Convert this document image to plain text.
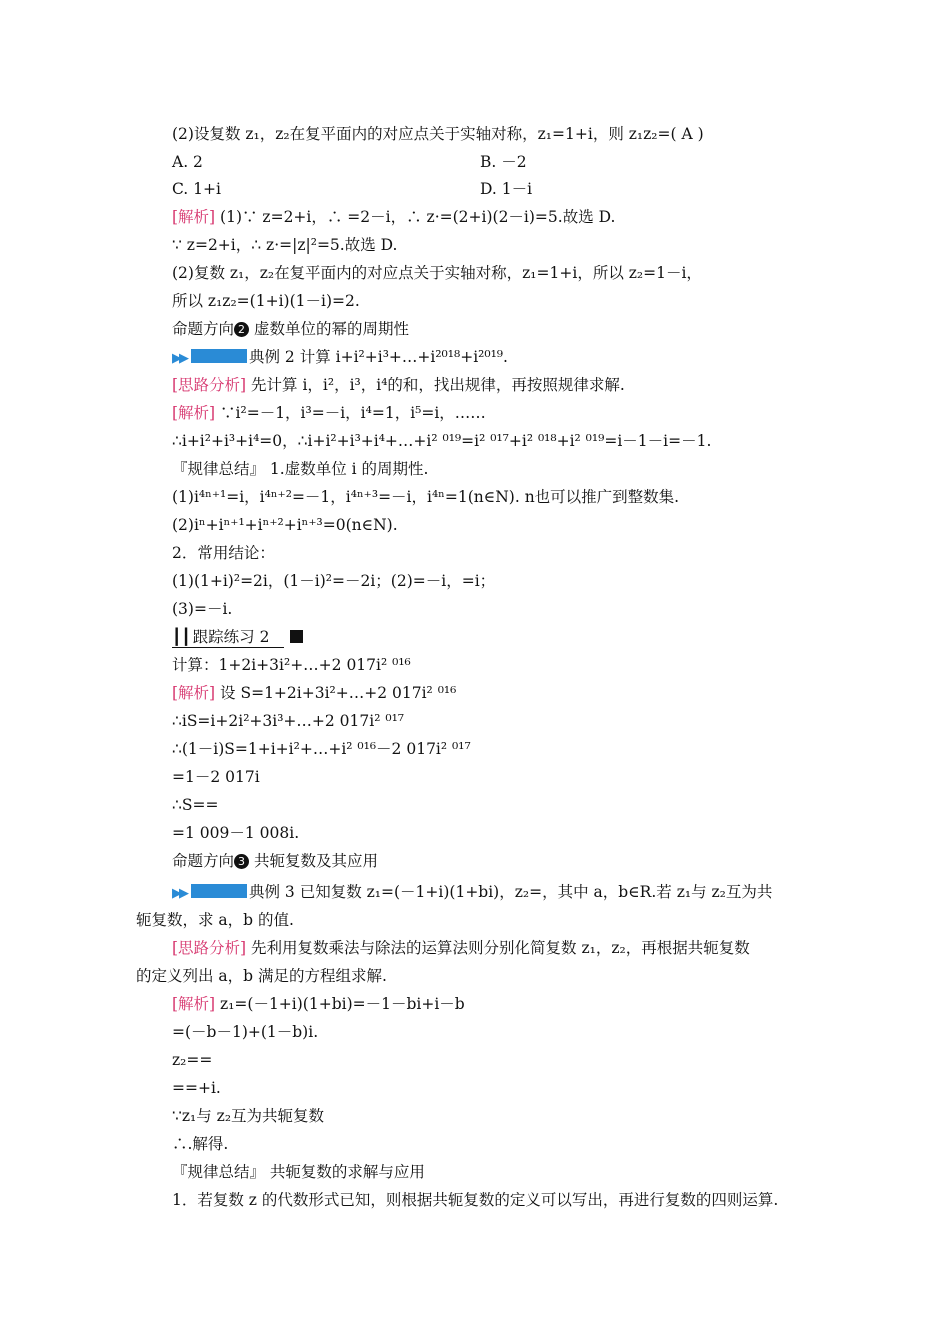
(2)设复数 z₁，z₂在复平面内的对应点关于实轴对称，z₁=1+i，则 z₁z₂=( A )
A. 2	B. －2
C. 1+i	D. 1－i
[解析] (1)∵ z=2+i，∴ =2－i，∴ z·=(2+i)(2－i)=5.故选 D.
∵ z=2+i，∴ z·=|z|²=5.故选 D.
(2)复数 z₁，z₂在复平面内的对应点关于实轴对称，z₁=1+i，所以 z₂=1－i，
所以 z₁z₂=(1+i)(1－i)=2.
命题方向 2 虚数单位的幂的周期性
▶▶	典例 2 计算 i+i²+i³+…+i²⁰¹⁸+i²⁰¹⁹.
[思路分析] 先计算 i，i²，i³，i⁴的和，找出规律，再按照规律求解.
[解析] ∵i²=－1，i³=－i，i⁴=1，i⁵=i，……
∴i+i²+i³+i⁴=0，∴i+i²+i³+i⁴+…+i² ⁰¹⁹=i² ⁰¹⁷+i² ⁰¹⁸+i² ⁰¹⁹=i－1－i=－1.
『规律总结』 1.虚数单位 i 的周期性.
(1)i⁴ⁿ⁺¹=i，i⁴ⁿ⁺²=－1，i⁴ⁿ⁺³=－i，i⁴ⁿ=1(n∈N). n也可以推广到整数集.
(2)iⁿ+iⁿ⁺¹+iⁿ⁺²+iⁿ⁺³=0(n∈N).
2．常用结论：
(1)(1+i)²=2i，(1－i)²=－2i；(2)=－i，=i；
(3)=－i.
┃┃ 跟踪练习 2
计算：1+2i+3i²+…+2 017i² ⁰¹⁶
[解析] 设 S=1+2i+3i²+…+2 017i² ⁰¹⁶
∴iS=i+2i²+3i³+…+2 017i² ⁰¹⁷
∴(1－i)S=1+i+i²+…+i² ⁰¹⁶－2 017i² ⁰¹⁷
=1－2 017i
∴S==
=1 009－1 008i.
命题方向 3 共轭复数及其应用
▶▶	典例 3 已知复数 z₁=(－1+i)(1+bi)，z₂=，其中 a，b∈R.若 z₁与 z₂互为共
轭复数，求 a，b 的值.
[思路分析] 先利用复数乘法与除法的运算法则分别化简复数 z₁，z₂，再根据共轭复数
的定义列出 a，b 满足的方程组求解.
[解析] z₁=(－1+i)(1+bi)=－1－bi+i－b
=(－b－1)+(1－b)i.
z₂==
==+i.
∵z₁与 z₂互为共轭复数
∴.解得.
『规律总结』 共轭复数的求解与应用
1．若复数 z 的代数形式已知，则根据共轭复数的定义可以写出，再进行复数的四则运算.
